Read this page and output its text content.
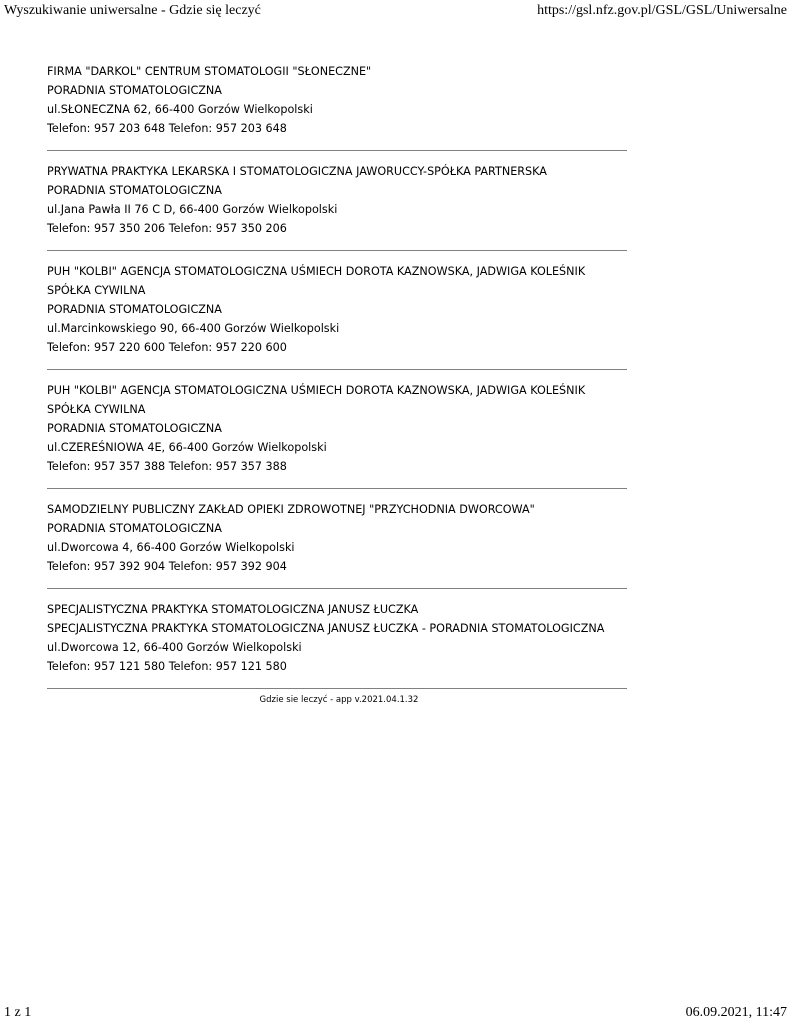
Wyszukiwanie uniwersalne - Gdzie się leczyć	https://gsl.nfz.gov.pl/GSL/GSL/Uniwersalne
FIRMA "DARKOL" CENTRUM STOMATOLOGII "SŁONECZNE"
PORADNIA STOMATOLOGICZNA
ul.SŁONECZNA 62, 66-400 Gorzów Wielkopolski
Telefon: 957 203 648 Telefon: 957 203 648
PRYWATNA PRAKTYKA LEKARSKA I STOMATOLOGICZNA JAWORUCCY-SPÓŁKA PARTNERSKA
PORADNIA STOMATOLOGICZNA
ul.Jana Pawła II 76 C D, 66-400 Gorzów Wielkopolski
Telefon: 957 350 206 Telefon: 957 350 206
PUH "KOLBI" AGENCJA STOMATOLOGICZNA UŚMIECH DOROTA KAZNOWSKA, JADWIGA KOLEŚNIK SPÓŁKA CYWILNA
PORADNIA STOMATOLOGICZNA
ul.Marcinkowskiego 90, 66-400 Gorzów Wielkopolski
Telefon: 957 220 600 Telefon: 957 220 600
PUH "KOLBI" AGENCJA STOMATOLOGICZNA UŚMIECH DOROTA KAZNOWSKA, JADWIGA KOLEŚNIK SPÓŁKA CYWILNA
PORADNIA STOMATOLOGICZNA
ul.CZEREŚNIOWA 4E, 66-400 Gorzów Wielkopolski
Telefon: 957 357 388 Telefon: 957 357 388
SAMODZIELNY PUBLICZNY ZAKŁAD OPIEKI ZDROWOTNEJ "PRZYCHODNIA DWORCOWA"
PORADNIA STOMATOLOGICZNA
ul.Dworcowa 4, 66-400 Gorzów Wielkopolski
Telefon: 957 392 904 Telefon: 957 392 904
SPECJALISTYCZNA PRAKTYKA STOMATOLOGICZNA JANUSZ ŁUCZKA
SPECJALISTYCZNA PRAKTYKA STOMATOLOGICZNA JANUSZ ŁUCZKA - PORADNIA STOMATOLOGICZNA
ul.Dworcowa 12, 66-400 Gorzów Wielkopolski
Telefon: 957 121 580 Telefon: 957 121 580
Gdzie sie leczyć - app v.2021.04.1.32
1 z 1	06.09.2021, 11:47
